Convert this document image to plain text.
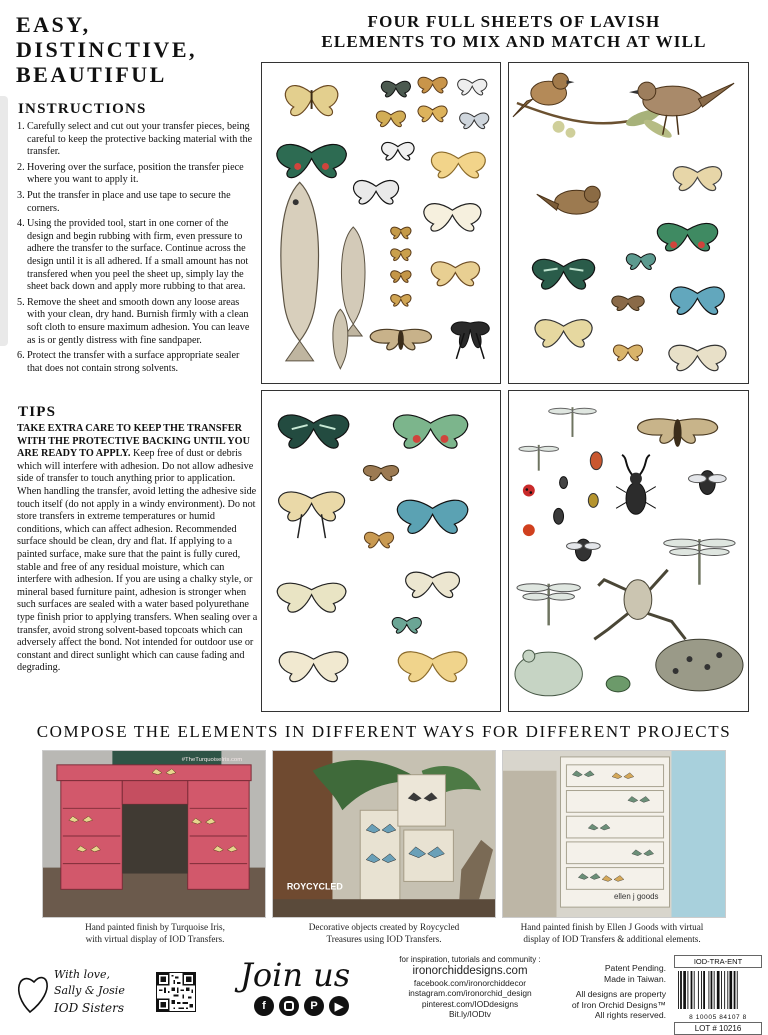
EASY,
DISTINCTIVE,
BEAUTIFUL
INSTRUCTIONS
1. Carefully select and cut out your transfer pieces, being careful to keep the protective backing material with the transfer.
2. Hovering over the surface, position the transfer piece where you want to apply it.
3. Put the transfer in place and use tape to secure the corners.
4. Using the provided tool, start in one corner of the design and begin rubbing with firm, even pressure to adhere the transfer to the surface. Continue across the design until it is all adhered. If a small amount has not transfered when you peel the sheet up, simply lay the sheet back down and apply more rubbing to that area.
5. Remove the sheet and smooth down any loose areas with your clean, dry hand. Burnish firmly with a clean soft cloth to ensure maximum adhesion. You can leave as is or gently distress with fine sandpaper.
6. Protect the transfer with a surface appropriate sealer that does not contain strong solvents.
TIPS
TAKE EXTRA CARE TO KEEP THE TRANSFER WITH THE PROTECTIVE BACKING UNTIL YOU ARE READY TO APPLY. Keep free of dust or debris which will interfere with adhesion. Do not allow adhesive side of transfer to touch anything prior to application. When handling the transfer, avoid letting the adhesive side touch itself (do not apply in a windy environment). Do not store transfers in extreme temperatures or humid conditions, which can affect adhesion. Recommended surface should be clean, dry and flat. If applying to a painted surface, make sure that the paint is fully cured, stable and free of any residual moisture, which can interfere with adhesion. If you are using a chalky style, or mineral based furniture paint, adhesion is stronger when such surfaces are sealed with a water based polyurethane type finish prior to applying transfers. When sealing over a transfer, avoid strong solvent-based topcoats which can adversely affect the bond. Not intended for outdoor use or constant and direct sunlight which can cause fading and degrading.
FOUR FULL SHEETS OF LAVISH
ELEMENTS TO MIX AND MATCH AT WILL
COMPOSE THE ELEMENTS IN DIFFERENT WAYS FOR DIFFERENT PROJECTS
#TheTurquoiseIris.com
ROYCYCLED
ellen j goods
Hand painted finish by Turquoise Iris,
with virtual display of IOD Transfers.
Decorative objects created by Roycycled
Treasures using IOD Transfers.
Hand painted finish by Ellen J Goods with virtual
display of IOD Transfers & additional elements.
With love,
Sally & Josie
IOD Sisters
Join us
f	P	▶
for inspiration, tutorials and community :
ironorchiddesigns.com
facebook.com/ironorchiddecor
instagram.com/ironorchid_design
pinterest.com/IODdesigns
Bit.ly/IODtv
Patent Pending.
Made in Taiwan.
All designs are property
of Iron Orchid Designs™
All rights reserved.
IOD-TRA-ENT
8 10005 84107 8
LOT # 10216
